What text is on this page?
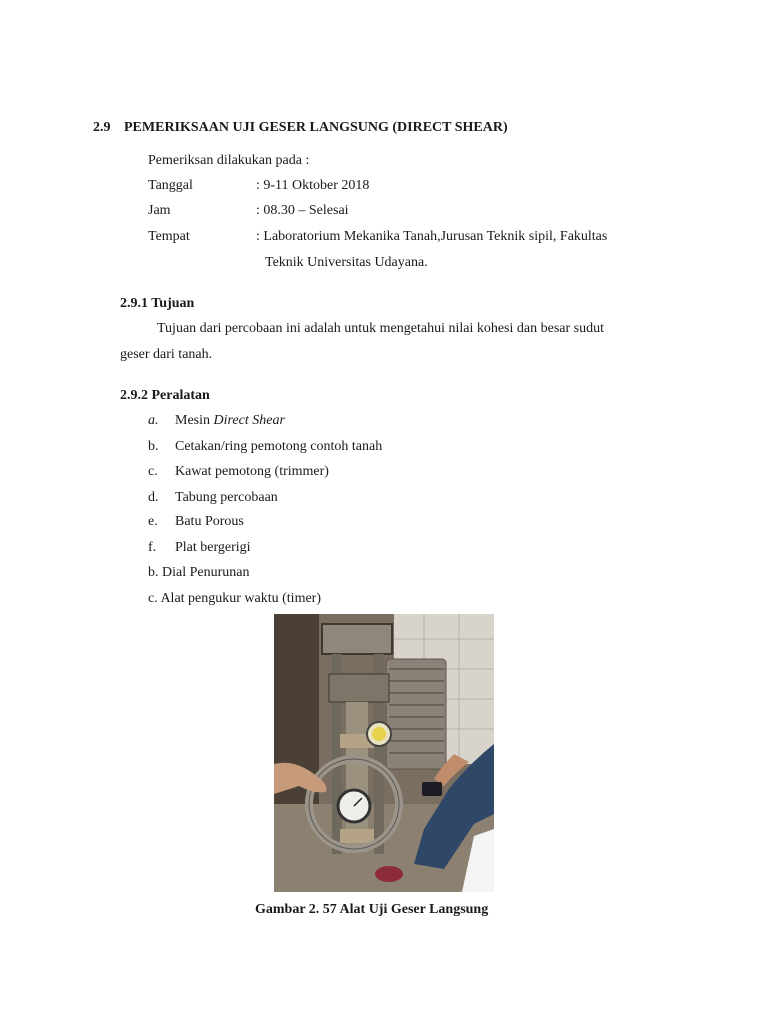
2.9 PEMERIKSAAN UJI GESER LANGSUNG (DIRECT SHEAR)
Pemeriksan dilakukan pada :
Tanggal	: 9-11 Oktober 2018
Jam	: 08.30 – Selesai
Tempat	: Laboratorium Mekanika Tanah,Jurusan Teknik sipil, Fakultas
Teknik Universitas Udayana.
2.9.1 Tujuan
Tujuan dari percobaan ini adalah untuk mengetahui nilai kohesi dan besar sudut
geser dari tanah.
2.9.2 Peralatan
a. Mesin Direct Shear
b. Cetakan/ring pemotong contoh tanah
c. Kawat pemotong (trimmer)
d. Tabung percobaan
e. Batu Porous
f. Plat bergerigi
b. Dial Penurunan
c. Alat pengukur waktu (timer)
Gambar 2. 57 Alat Uji Geser Langsung
